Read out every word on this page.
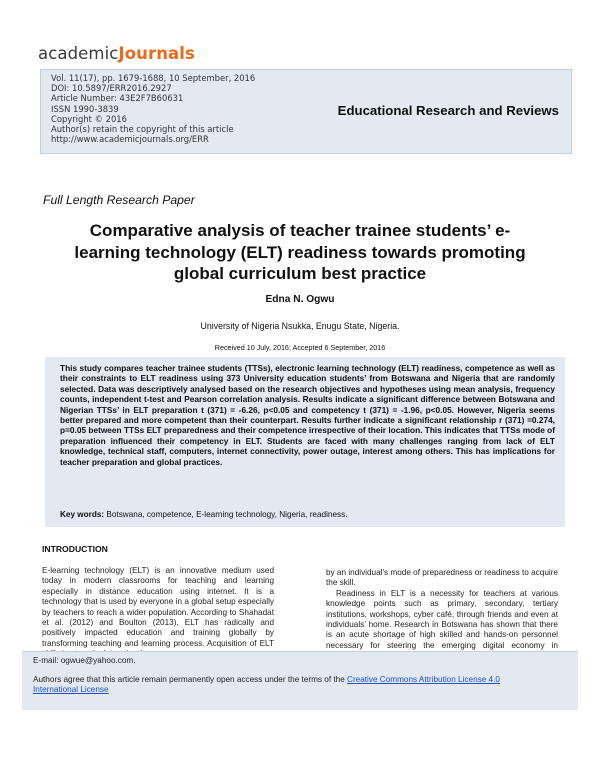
academicJournals
Vol. 11(17), pp. 1679-1688, 10 September, 2016
DOI: 10.5897/ERR2016.2927
Article Number: 43E2F7B60631
ISSN 1990-3839
Copyright © 2016
Author(s) retain the copyright of this article
http://www.academicjournals.org/ERR
Educational Research and Reviews
Full Length Research Paper
Comparative analysis of teacher trainee students’ e-
learning technology (ELT) readiness towards promoting
global curriculum best practice
Edna N. Ogwu
University of Nigeria Nsukka, Enugu State, Nigeria.
Received 10 July, 2016; Accepted 6 September, 2016

This study compares teacher trainee students (TTSs), electronic learning technology (ELT) readiness, competence as well as their constraints to ELT readiness using 373 University education students’ from Botswana and Nigeria that are randomly selected. Data was descriptively analysed based on the research objectives and hypotheses using mean analysis, frequency counts, independent t-test and Pearson correlation analysis. Results indicate a significant difference between Botswana and Nigerian TTSs’ in ELT preparation t (371) = -6.26, p<0.05 and competency t (371) = -1.96, p<0.05. However, Nigeria seems better prepared and more competent than their counterpart. Results further indicate a significant relationship r (371) =0.274, p=0.05 between TTSs ELT preparedness and their competence irrespective of their location. This indicates that TTSs mode of preparation influenced their competency in ELT. Students are faced with many challenges ranging from lack of ELT knowledge, technical staff, computers, internet connectivity, power outage, interest among others. This has implications for teacher preparation and global practices.

Key words: Botswana, competence, E-learning technology, Nigeria, readiness.

INTRODUCTION

E-learning technology (ELT) is an innovative medium used today in modern classrooms for teaching and learning especially in distance education using internet. It is a technology that is used by everyone in a global setup especially by teachers to reach a wider population. According to Shahadat et al. (2012) and Boulton (2013), ELT has radically and positively impacted education and training globally by transforming teaching and learning process. Acquisition of ELT

by an individual's mode of preparedness or readiness to acquire the skill.

Readiness in ELT is a necessity for teachers at various knowledge points such as primary, secondary, tertiary institutions, workshops, cyber café, through friends and even at individuals’ home. Research in Botswana has shown that there is an acute shortage of high skilled and hands-on personnel necessary for steering the emerging digital economy in

E-mail: ogwue@yahoo.com.
Authors agree that this article remain permanently open access under the terms of the Creative Commons Attribution License 4.0 International License
